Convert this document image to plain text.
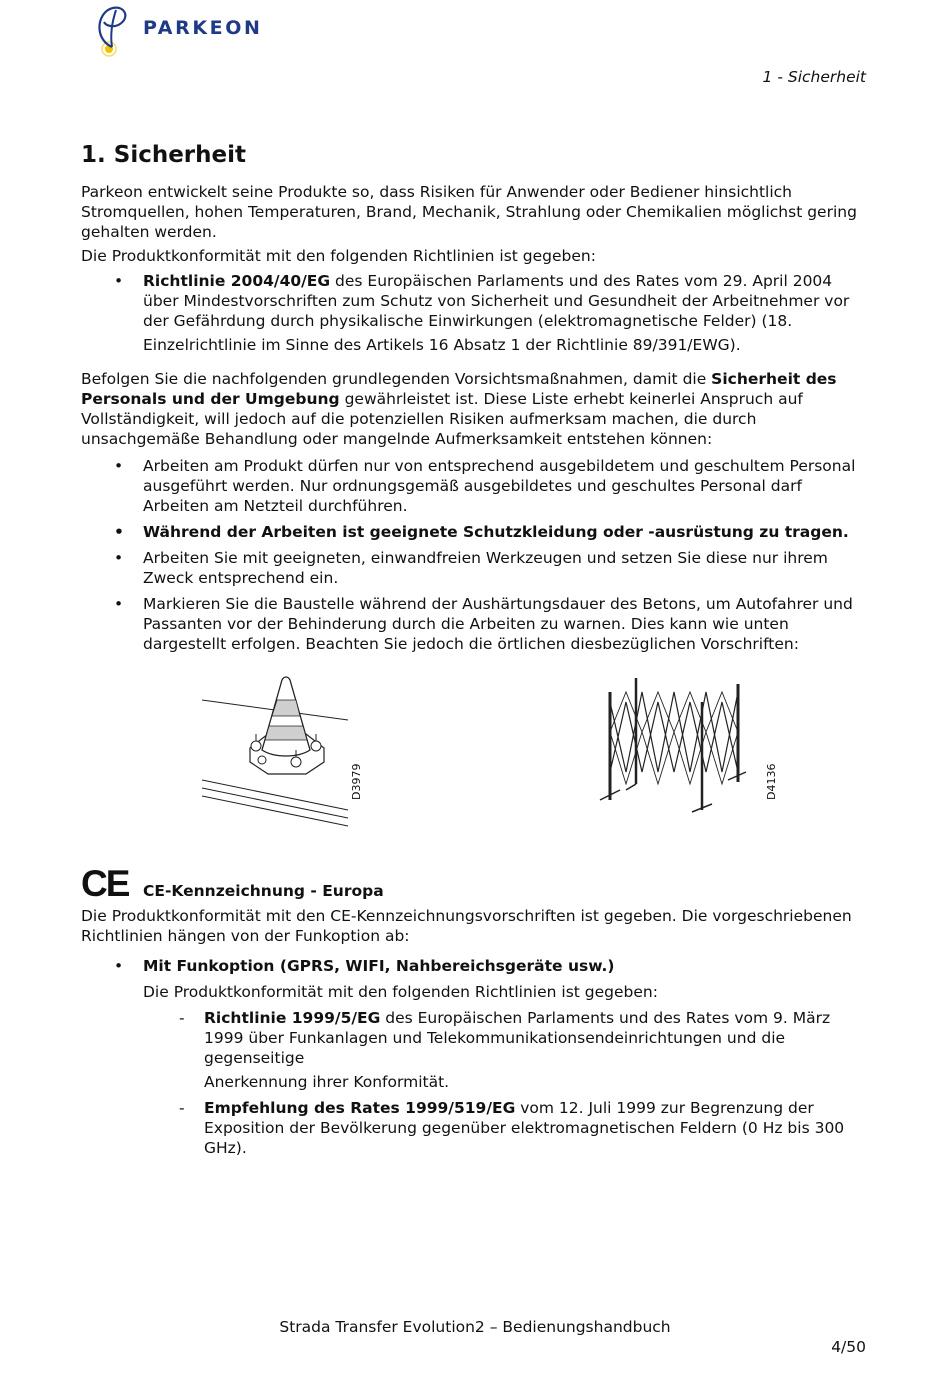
PARKEON
1 - Sicherheit
1. Sicherheit

Parkeon entwickelt seine Produkte so, dass Risiken für Anwender oder Bediener hinsichtlich Stromquellen, hohen Temperaturen, Brand, Mechanik, Strahlung oder Chemikalien möglichst gering gehalten werden.

Die Produktkonformität mit den folgenden Richtlinien ist gegeben:

• Richtlinie 2004/40/EG des Europäischen Parlaments und des Rates vom 29. April 2004 über Mindestvorschriften zum Schutz von Sicherheit und Gesundheit der Arbeitnehmer vor der Gefährdung durch physikalische Einwirkungen (elektromagnetische Felder) (18.
Einzelrichtlinie im Sinne des Artikels 16 Absatz 1 der Richtlinie 89/391/EWG).

Befolgen Sie die nachfolgenden grundlegenden Vorsichtsmaßnahmen, damit die Sicherheit des Personals und der Umgebung gewährleistet ist. Diese Liste erhebt keinerlei Anspruch auf Vollständigkeit, will jedoch auf die potenziellen Risiken aufmerksam machen, die durch unsachgemäße Behandlung oder mangelnde Aufmerksamkeit entstehen können:

• Arbeiten am Produkt dürfen nur von entsprechend ausgebildetem und geschultem Personal ausgeführt werden. Nur ordnungsgemäß ausgebildetes und geschultes Personal darf Arbeiten am Netzteil durchführen.
• Während der Arbeiten ist geeignete Schutzkleidung oder -ausrüstung zu tragen.
• Arbeiten Sie mit geeigneten, einwandfreien Werkzeugen und setzen Sie diese nur ihrem Zweck entsprechend ein.
• Markieren Sie die Baustelle während der Aushärtungsdauer des Betons, um Autofahrer und Passanten vor der Behinderung durch die Arbeiten zu warnen. Dies kann wie unten dargestellt erfolgen. Beachten Sie jedoch die örtlichen diesbezüglichen Vorschriften:
D3979	D4136
CE CE-Kennzeichnung - Europa

Die Produktkonformität mit den CE-Kennzeichnungsvorschriften ist gegeben. Die vorgeschriebenen Richtlinien hängen von der Funkoption ab:

• Mit Funkoption (GPRS, WIFI, Nahbereichsgeräte usw.)
Die Produktkonformität mit den folgenden Richtlinien ist gegeben:
- Richtlinie 1999/5/EG des Europäischen Parlaments und des Rates vom 9. März 1999 über Funkanlagen und Telekommunikationsendeinrichtungen und die gegenseitige
Anerkennung ihrer Konformität.
- Empfehlung des Rates 1999/519/EG vom 12. Juli 1999 zur Begrenzung der Exposition der Bevölkerung gegenüber elektromagnetischen Feldern (0 Hz bis 300 GHz).
Strada Transfer Evolution2 – Bedienungshandbuch
4/50
